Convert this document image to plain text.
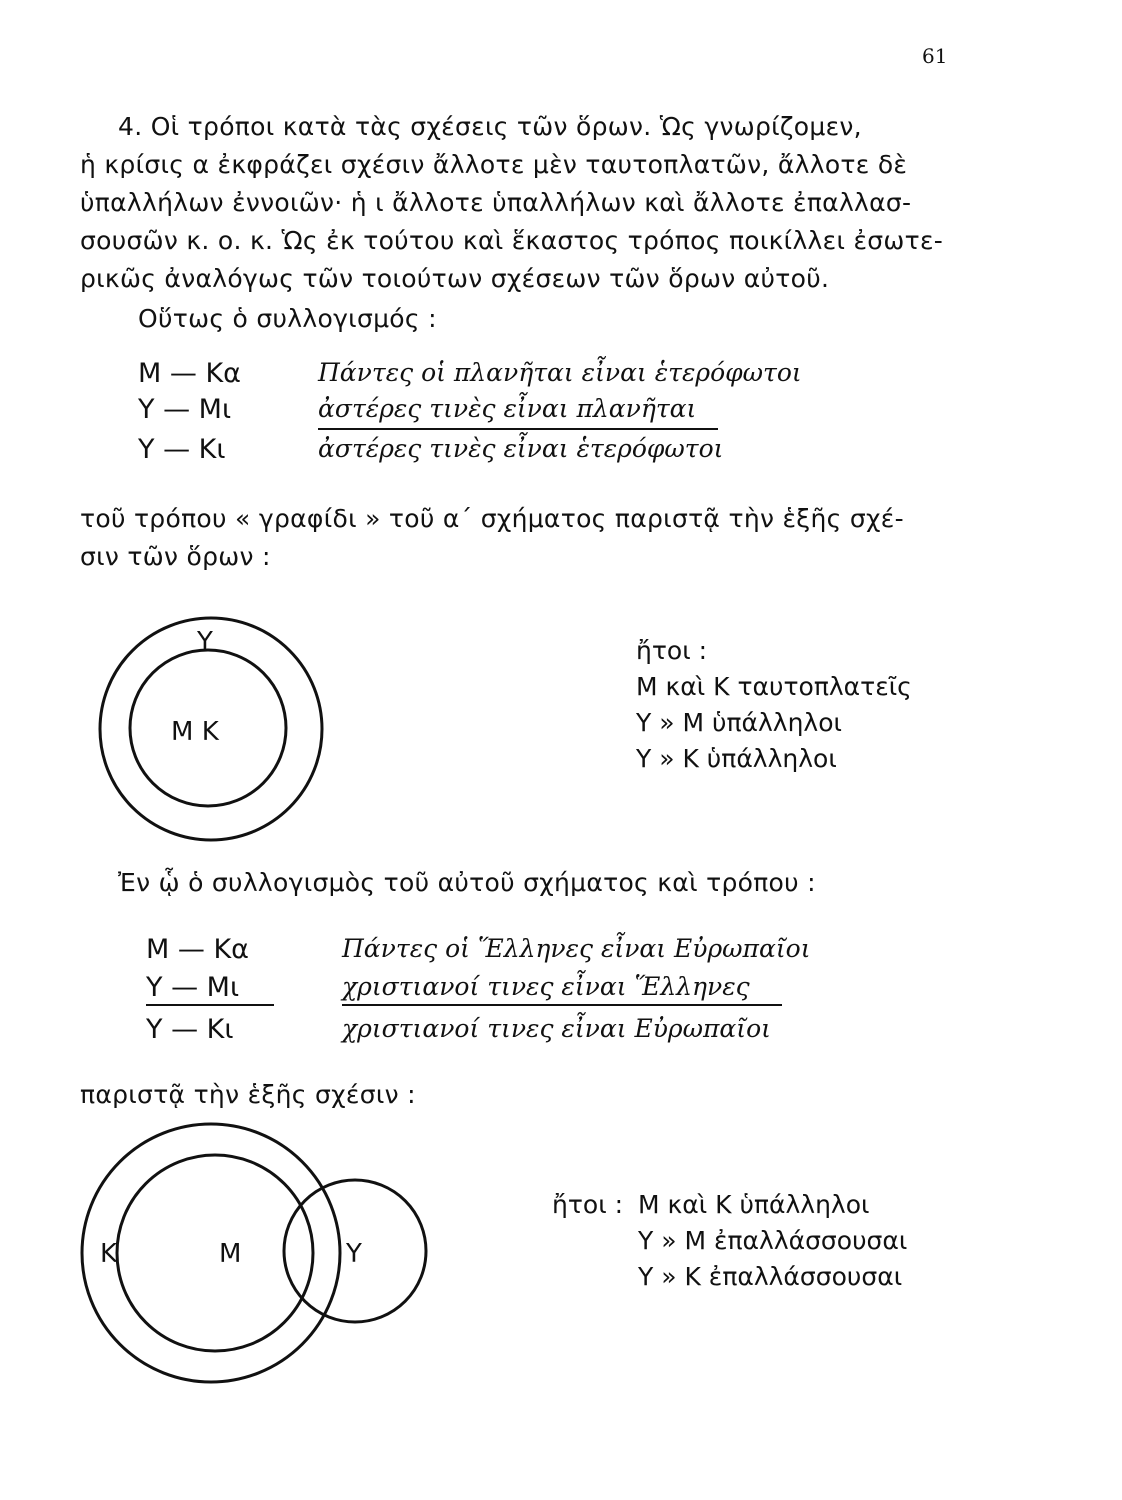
61
4. Οἱ τρόποι κατὰ τὰς σχέσεις τῶν ὅρων. Ὡς γνωρίζομεν,
ἡ κρίσις α ἐκφράζει σχέσιν ἄλλοτε μὲν ταυτοπλατῶν, ἄλλοτε δὲ
ὑπαλλήλων ἐννοιῶν· ἡ ι ἄλλοτε ὑπαλλήλων καὶ ἄλλοτε ἐπαλλασ-
σουσῶν κ. ο. κ. Ὡς ἐκ τούτου καὶ ἕκαστος τρόπος ποικίλλει ἐσωτε-
ρικῶς ἀναλόγως τῶν τοιούτων σχέσεων τῶν ὅρων αὐτοῦ.
Οὕτως ὁ συλλογισμός :
Μ — Κα	Πάντες οἱ πλανῆται εἶναι ἑτερόφωτοι
Υ — Μι	ἀστέρες τινὲς εἶναι πλανῆται
Υ — Κι	ἀστέρες τινὲς εἶναι ἑτερόφωτοι
τοῦ τρόπου « γραφίδι » τοῦ α΄ σχήματος παριστᾷ τὴν ἑξῆς σχέ-
σιν τῶν ὅρων :
Υ
Μ Κ
ἤτοι :
Μ καὶ Κ ταυτοπλατεῖς
Υ » Μ ὑπάλληλοι
Υ » Κ ὑπάλληλοι
Ἐν ᾧ ὁ συλλογισμὸς τοῦ αὐτοῦ σχήματος καὶ τρόπου :
Μ — Κα	Πάντες οἱ Ἕλληνες εἶναι Εὐρωπαῖοι
Υ — Μι	χριστιανοί τινες εἶναι Ἕλληνες
Υ — Κι	χριστιανοί τινες εἶναι Εὐρωπαῖοι
παριστᾷ τὴν ἑξῆς σχέσιν :
Κ	Μ	Υ
ἤτοι : Μ καὶ Κ ὑπάλληλοι
Υ » Μ ἐπαλλάσσουσαι
Υ » Κ ἐπαλλάσσουσαι
